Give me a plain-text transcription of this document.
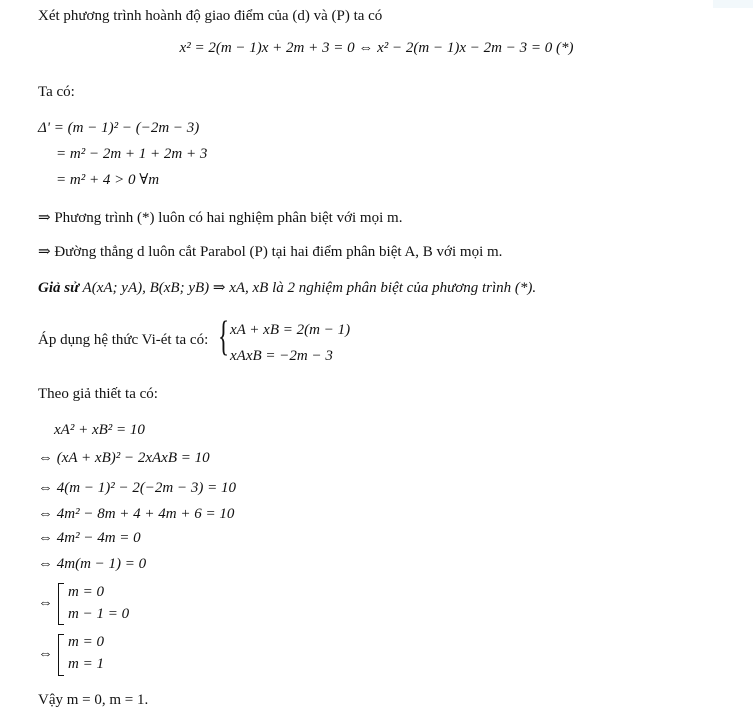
Xét phương trình hoành độ giao điểm của (d) và (P) ta có
x² = 2(m − 1)x + 2m + 3 = 0 ⇔ x² − 2(m − 1)x − 2m − 3 = 0 (*)
Ta có:
Δ' = (m − 1)² − (−2m − 3)
= m² − 2m + 1 + 2m + 3
= m² + 4 > 0 ∀m
⇒ Phương trình (*) luôn có hai nghiệm phân biệt với mọi m.
⇒ Đường thẳng d luôn cắt Parabol (P) tại hai điểm phân biệt A, B với mọi m.
Giả sử A(xA; yA), B(xB; yB) ⇒ xA, xB là 2 nghiệm phân biệt của phương trình (*).
Áp dụng hệ thức Vi-ét ta có: { xA + xB = 2(m − 1)
xAxB = −2m − 3
Theo giả thiết ta có:
xA² + xB² = 10
⇔ (xA + xB)² − 2xAxB = 10
⇔ 4(m − 1)² − 2(−2m − 3) = 10
⇔ 4m² − 8m + 4 + 4m + 6 = 10
⇔ 4m² − 4m = 0
⇔ 4m(m − 1) = 0
⇔
m = 0
m − 1 = 0
⇔
m = 0
m = 1
Vậy m = 0, m = 1.
